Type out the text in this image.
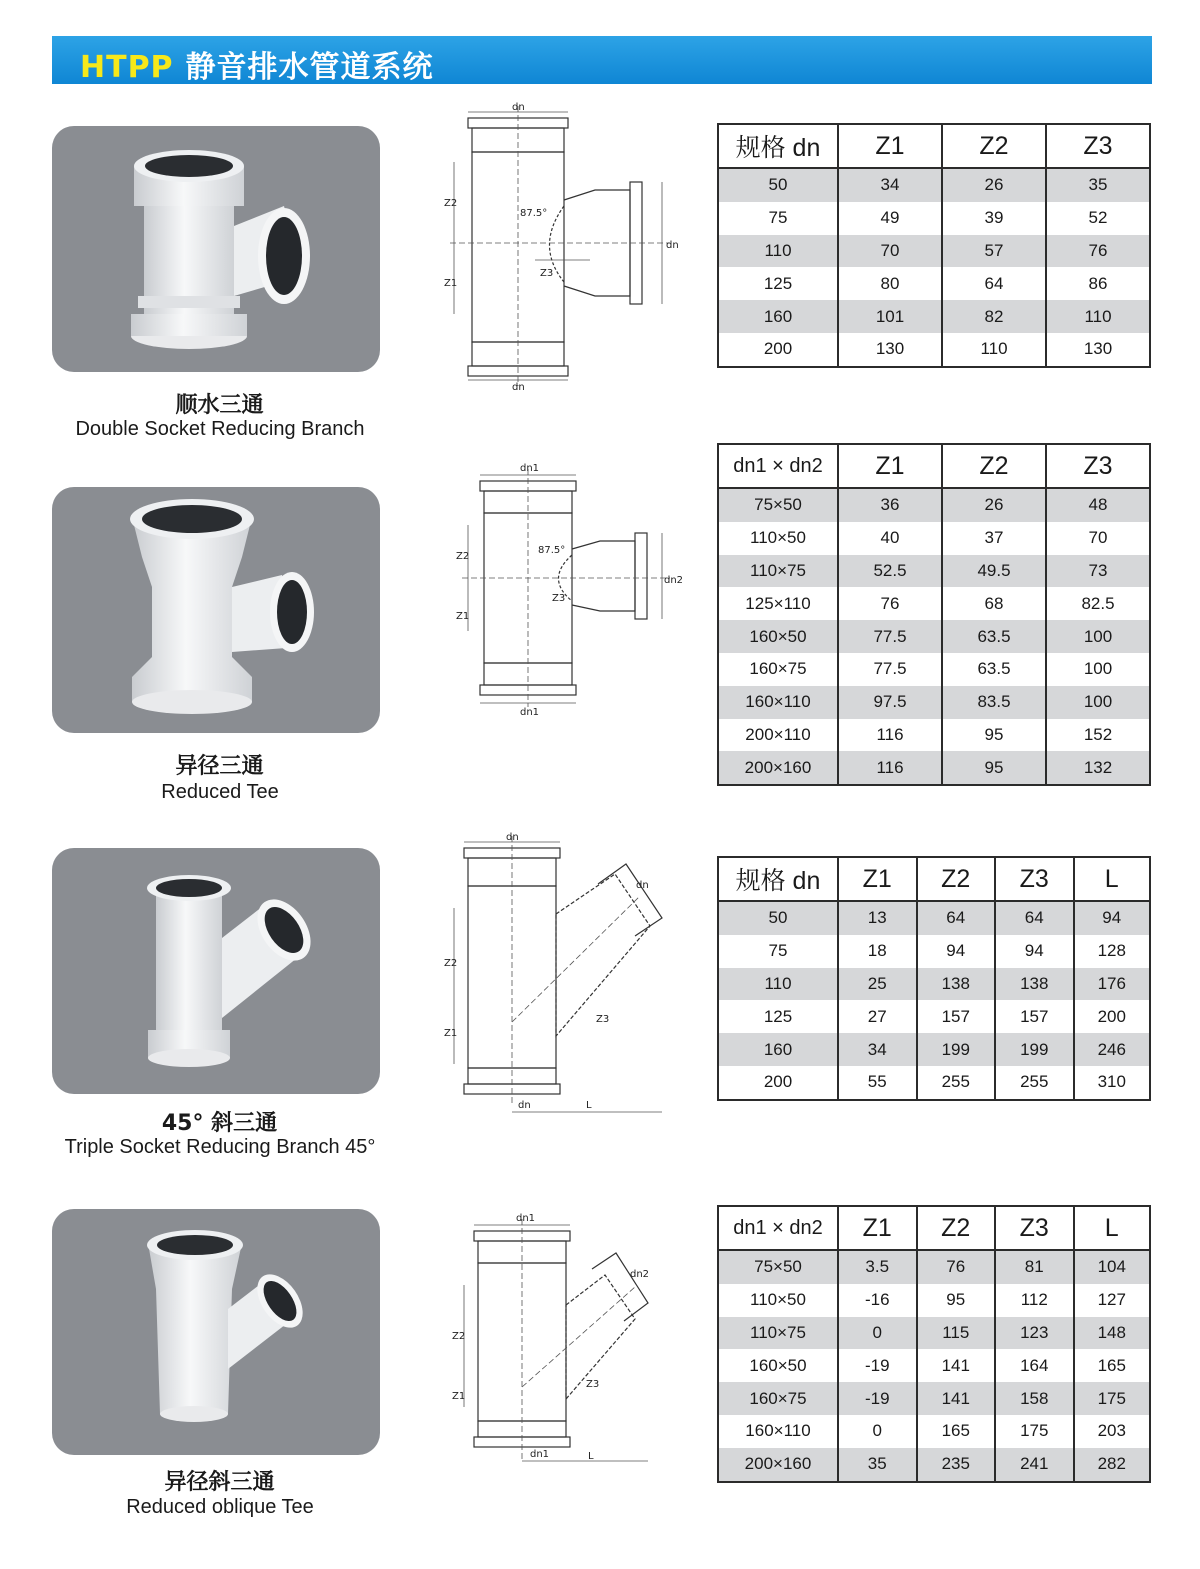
HTPP 静音排水管道系统
顺水三通
Double Socket Reducing Branch
dn
dn
dn
Z2
Z1
Z3
87.5°
规格 dn	Z1	Z2	Z3
50	34	26	35
75	49	39	52
110	70	57	76
125	80	64	86
160	101	82	110
200	130	110	130
异径三通
Reduced Tee
dn1
dn1
dn2
Z2
Z1
Z3
87.5°
dn1 × dn2	Z1	Z2	Z3
75×50	36	26	48
110×50	40	37	70
110×75	52.5	49.5	73
125×110	76	68	82.5
160×50	77.5	63.5	100
160×75	77.5	63.5	100
160×110	97.5	83.5	100
200×110	116	95	152
200×160	116	95	132
45° 斜三通
Triple Socket Reducing Branch 45°
dn
dn
dn
Z2
Z1
Z3
L
规格 dn	Z1	Z2	Z3	L
50	13	64	64	94
75	18	94	94	128
110	25	138	138	176
125	27	157	157	200
160	34	199	199	246
200	55	255	255	310
异径斜三通
Reduced oblique Tee
dn1
dn1
dn2
Z2
Z1
Z3
L
dn1 × dn2	Z1	Z2	Z3	L
75×50	3.5	76	81	104
110×50	-16	95	112	127
110×75	0	115	123	148
160×50	-19	141	164	165
160×75	-19	141	158	175
160×110	0	165	175	203
200×160	35	235	241	282
